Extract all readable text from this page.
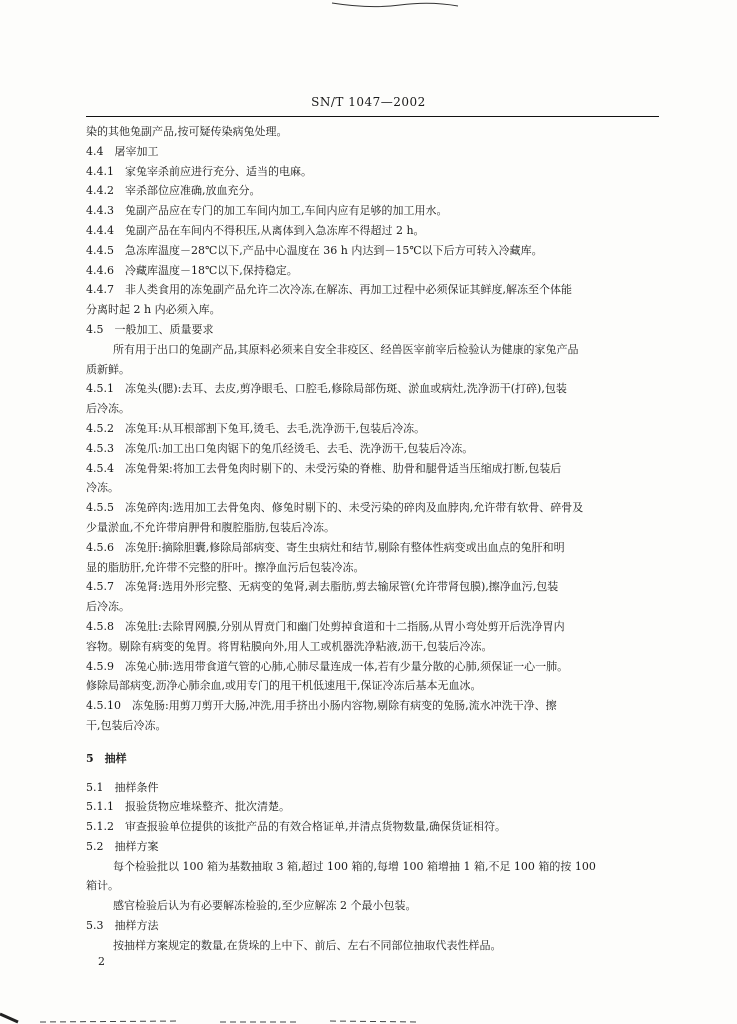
SN/T 1047—2002
染的其他兔副产品,按可疑传染病兔处理。
4.4　屠宰加工
4.4.1　家兔宰杀前应进行充分、适当的电麻。
4.4.2　宰杀部位应准确,放血充分。
4.4.3　兔副产品应在专门的加工车间内加工,车间内应有足够的加工用水。
4.4.4　兔副产品在车间内不得积压,从离体到入急冻库不得超过 2 h。
4.4.5　急冻库温度－28℃以下,产品中心温度在 36 h 内达到－15℃以下后方可转入冷藏库。
4.4.6　冷藏库温度－18℃以下,保持稳定。
4.4.7　非人类食用的冻兔副产品允许二次冷冻,在解冻、再加工过程中必须保证其鲜度,解冻至个体能
分离时起 2 h 内必须入库。
4.5　一般加工、质量要求
所有用于出口的兔副产品,其原料必须来自安全非疫区、经兽医宰前宰后检验认为健康的家兔产品
质新鲜。
4.5.1　冻兔头(腮):去耳、去皮,剪净眼毛、口腔毛,修除局部伤斑、淤血或病灶,洗净沥干(打碎),包装
后冷冻。
4.5.2　冻兔耳:从耳根部割下兔耳,烫毛、去毛,洗净沥干,包装后冷冻。
4.5.3　冻兔爪:加工出口兔肉锯下的兔爪经烫毛、去毛、洗净沥干,包装后冷冻。
4.5.4　冻兔骨架:将加工去骨兔肉时剔下的、未受污染的脊椎、肋骨和腿骨适当压缩成打断,包装后
冷冻。
4.5.5　冻兔碎肉:选用加工去骨兔肉、修兔时剔下的、未受污染的碎肉及血脖肉,允许带有软骨、碎骨及
少量淤血,不允许带肩胛骨和腹腔脂肪,包装后冷冻。
4.5.6　冻兔肝:摘除胆囊,修除局部病变、寄生虫病灶和结节,剔除有整体性病变或出血点的兔肝和明
显的脂肪肝,允许带不完整的肝叶。擦净血污后包装冷冻。
4.5.7　冻兔肾:选用外形完整、无病变的兔肾,剥去脂肪,剪去输尿管(允许带肾包膜),擦净血污,包装
后冷冻。
4.5.8　冻兔肚:去除胃网膜,分别从胃贲门和幽门处剪掉食道和十二指肠,从胃小弯处剪开后洗净胃内
容物。剔除有病变的兔胃。将胃粘膜向外,用人工或机器洗净粘液,沥干,包装后冷冻。
4.5.9　冻兔心肺:选用带食道气管的心肺,心肺尽量连成一体,若有少量分散的心肺,须保证一心一肺。
修除局部病变,沥净心肺余血,或用专门的甩干机低速甩干,保证冷冻后基本无血冰。
4.5.10　冻兔肠:用剪刀剪开大肠,冲洗,用手挤出小肠内容物,剔除有病变的兔肠,流水冲洗干净、擦
干,包装后冷冻。
5　抽样
5.1　抽样条件
5.1.1　报验货物应堆垛整齐、批次清楚。
5.1.2　审查报验单位提供的该批产品的有效合格证单,并清点货物数量,确保货证相符。
5.2　抽样方案
每个检验批以 100 箱为基数抽取 3 箱,超过 100 箱的,每增 100 箱增抽 1 箱,不足 100 箱的按 100
箱计。
感官检验后认为有必要解冻检验的,至少应解冻 2 个最小包装。
5.3　抽样方法
按抽样方案规定的数量,在货垛的上中下、前后、左右不同部位抽取代表性样品。
2
